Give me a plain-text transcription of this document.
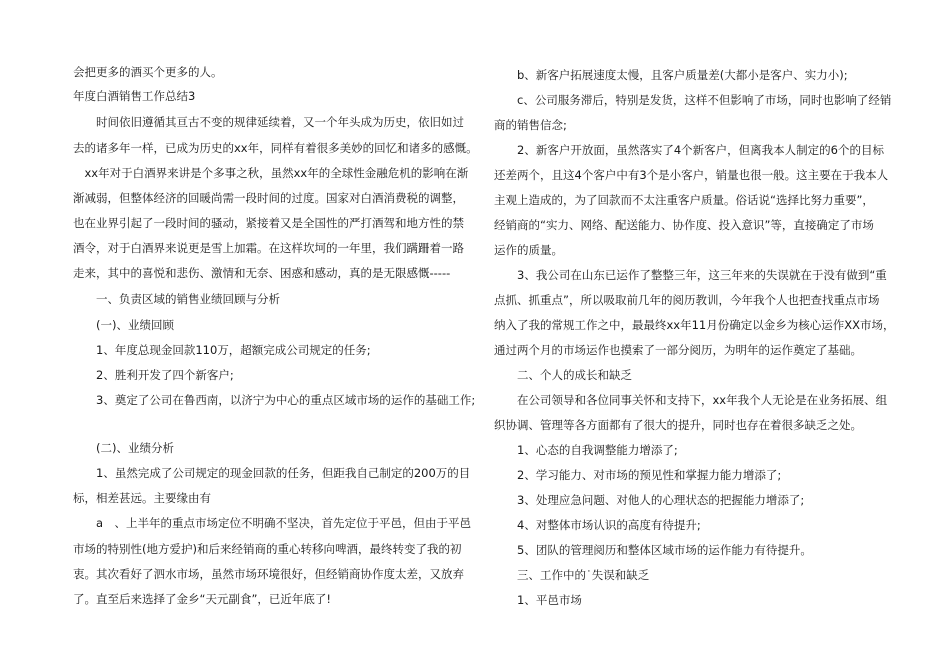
会把更多的酒买个更多的人。
年度白酒销售工作总结3
　　时间依旧遵循其亘古不变的规律延续着，又一个年头成为历史，依旧如过
去的诸多年一样，已成为历史的xx年，同样有着很多美妙的回忆和诸多的感慨。
　xx年对于白酒界来讲是个多事之秋，虽然xx年的全球性金融危机的影响在渐
渐减弱，但整体经济的回暖尚需一段时间的过度。国家对白酒消费税的调整，
也在业界引起了一段时间的骚动，紧接着又是全国性的严打酒驾和地方性的禁
酒令，对于白酒界来说更是雪上加霜。在这样坎坷的一年里，我们蹒跚着一路
走来，其中的喜悦和悲伤、激情和无奈、困惑和感动，真的是无限感慨-----
　　一、负责区域的销售业绩回顾与分析
　　(一)、业绩回顾
　　1、年度总现金回款110万，超额完成公司规定的任务;
　　2、胜利开发了四个新客户;
　　3、奠定了公司在鲁西南，以济宁为中心的重点区域市场的运作的基础工作;
　　(二)、业绩分析
　　1、虽然完成了公司规定的现金回款的任务，但距我自己制定的200万的目
标，相差甚远。主要缘由有
　　a　、上半年的重点市场定位不明确不坚决，首先定位于平邑，但由于平邑
市场的特别性(地方爱护)和后来经销商的重心转移向啤酒，最终转变了我的初
衷。其次看好了泗水市场，虽然市场环境很好，但经销商协作度太差，又放弃
了。直至后来选择了金乡“天元副食”，已近年底了!
　　b、新客户拓展速度太慢，且客户质量差(大都小是客户、实力小);
　　c、公司服务滞后，特别是发货，这样不但影响了市场，同时也影响了经销
商的销售信念;
　　2、新客户开放面，虽然落实了4个新客户，但离我本人制定的6个的目标
还差两个，且这4个客户中有3个是小客户，销量也很一般。这主要在于我本人
主观上造成的，为了回款而不太注重客户质量。俗话说“选择比努力重要”，
经销商的“实力、网络、配送能力、协作度、投入意识”等，直接确定了市场
运作的质量。
　　3、我公司在山东已运作了整整三年，这三年来的失误就在于没有做到“重
点抓、抓重点”，所以吸取前几年的阅历教训，今年我个人也把查找重点市场
纳入了我的常规工作之中，最最终xx年11月份确定以金乡为核心运作XX市场，
通过两个月的市场运作也摸索了一部分阅历，为明年的运作奠定了基础。
　　二、个人的成长和缺乏
　　在公司领导和各位同事关怀和支持下，xx年我个人无论是在业务拓展、组
织协调、管理等各方面都有了很大的提升，同时也存在着很多缺乏之处。
　　1、心态的自我调整能力增添了;
　　2、学习能力、对市场的预见性和掌握力能力增添了;
　　3、处理应急问题、对他人的心理状态的把握能力增添了;
　　4、对整体市场认识的高度有待提升;
　　5、团队的管理阅历和整体区域市场的运作能力有待提升。
　　三、工作中的˙失误和缺乏
　　1、平邑市场
